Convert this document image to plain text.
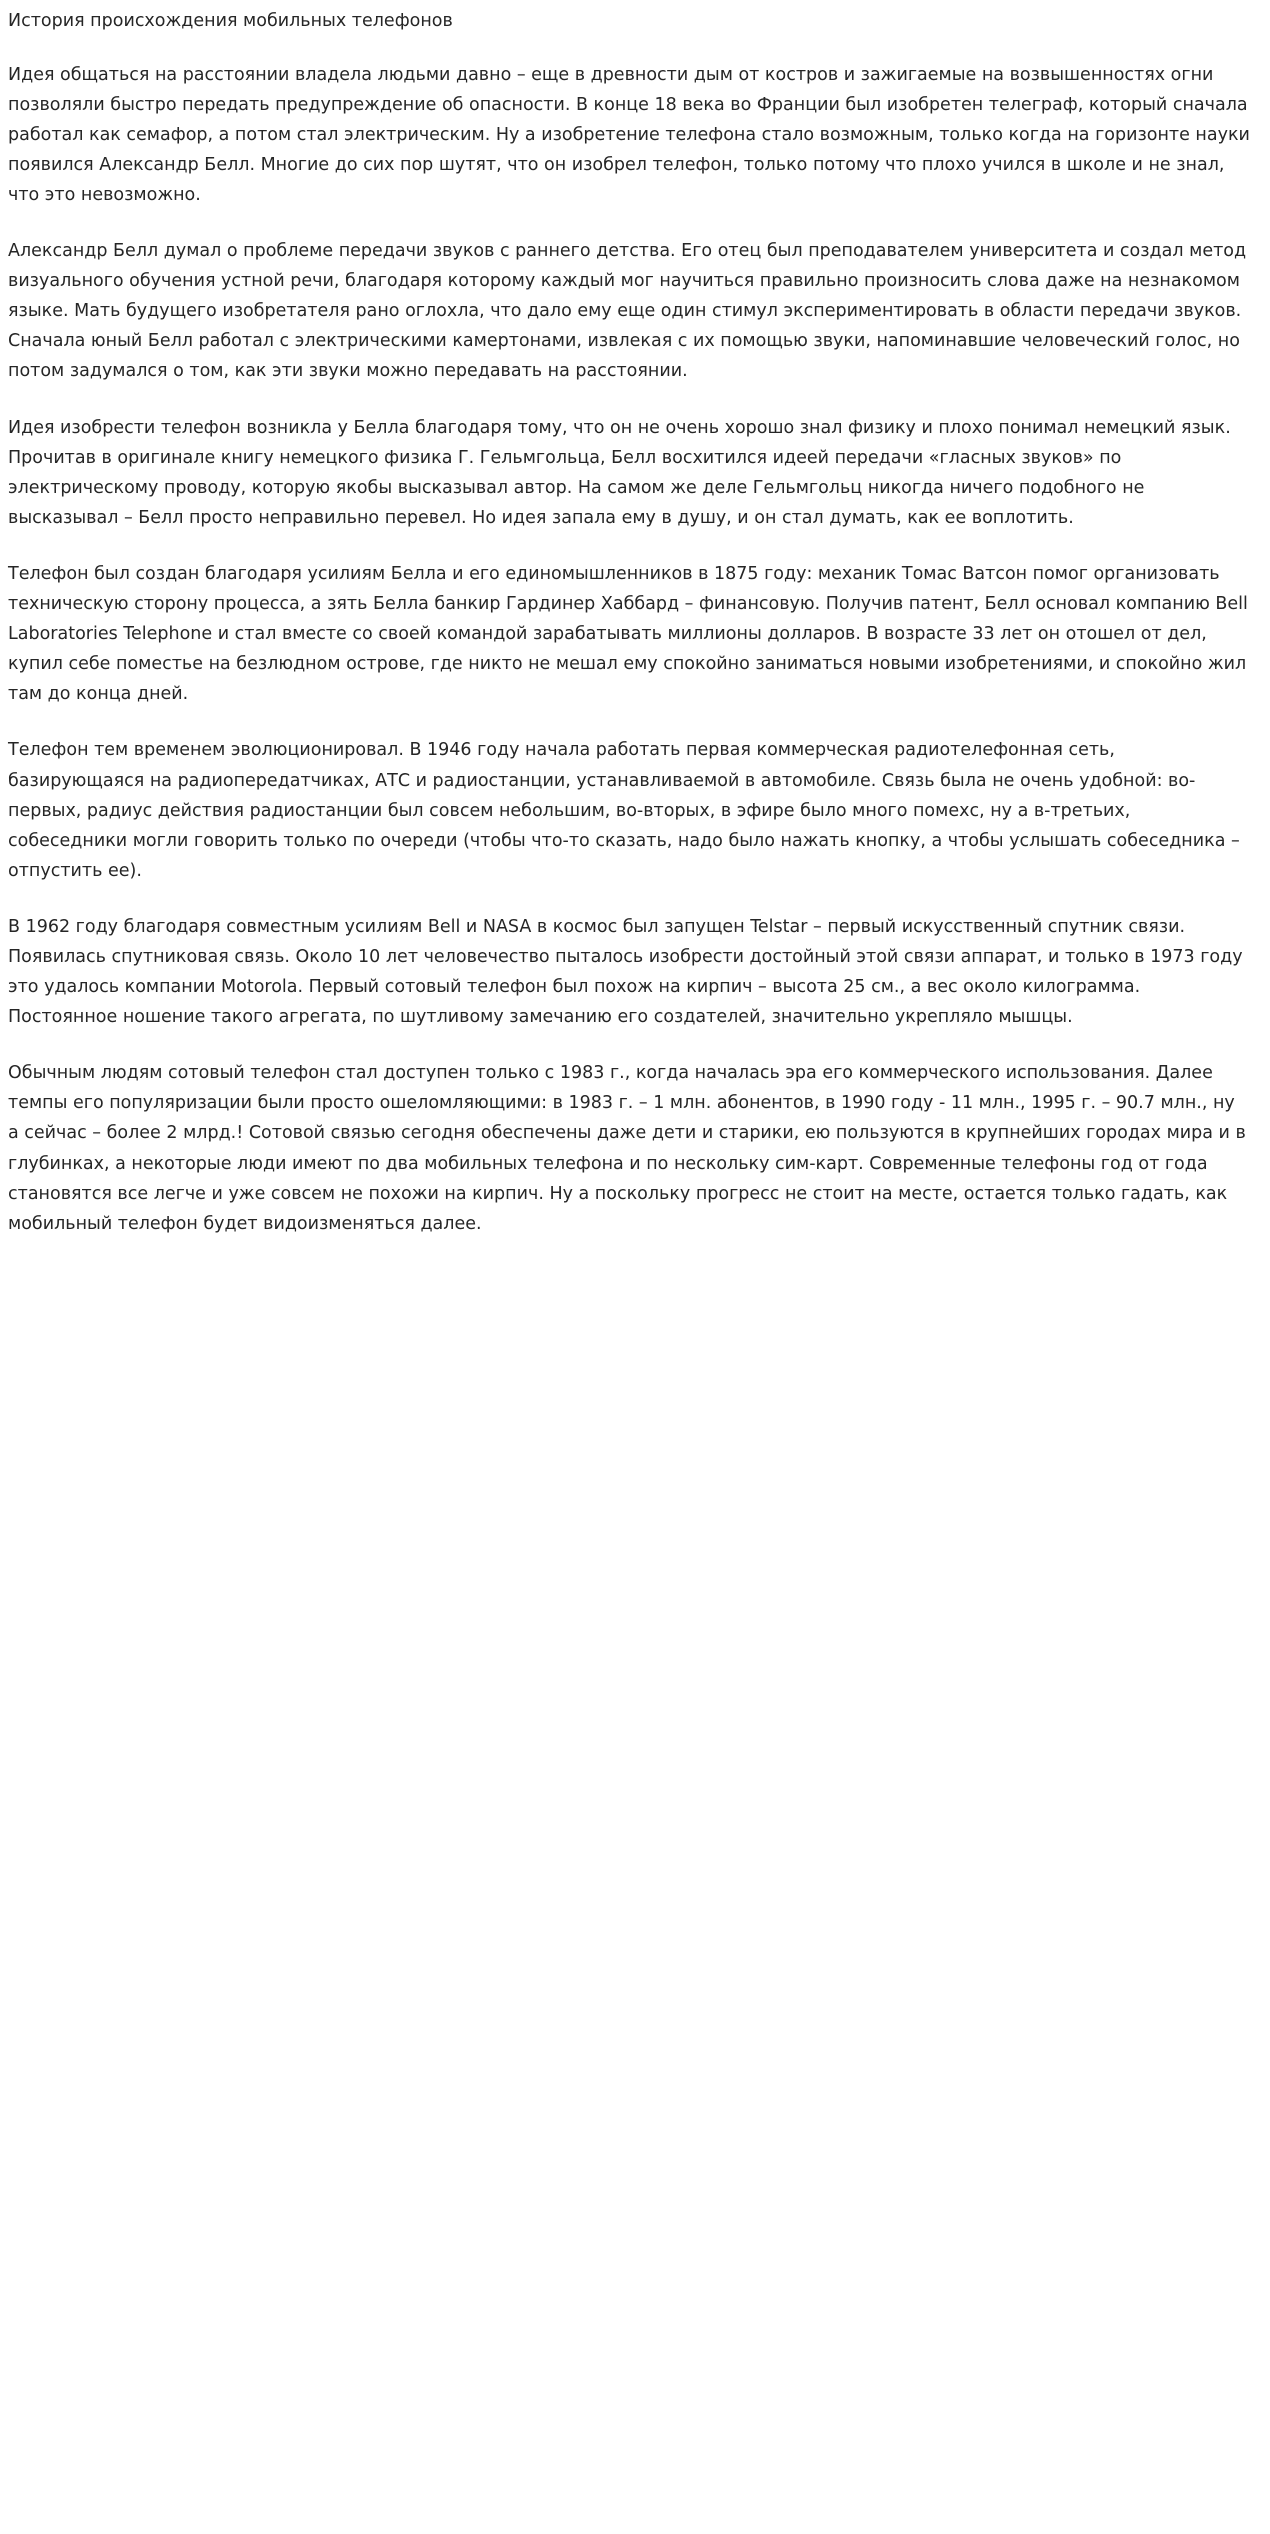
История происхождения мобильных телефонов

Идея общаться на расстоянии владела людьми давно – еще в древности дым от костров и зажигаемые на возвышенностях огни позволяли быстро передать предупреждение об опасности. В конце 18 века во Франции был изобретен телеграф, который сначала работал как семафор, а потом стал электрическим. Ну а изобретение телефона стало возможным, только когда на горизонте науки появился Александр Белл. Многие до сих пор шутят, что он изобрел телефон, только потому что плохо учился в школе и не знал, что это невозможно.

Александр Белл думал о проблеме передачи звуков с раннего детства. Его отец был преподавателем университета и создал метод визуального обучения устной речи, благодаря которому каждый мог научиться правильно произносить слова даже на незнакомом языке. Мать будущего изобретателя рано оглохла, что дало ему еще один стимул экспериментировать в области передачи звуков. Сначала юный Белл работал с электрическими камертонами, извлекая с их помощью звуки, напоминавшие человеческий голос, но потом задумался о том, как эти звуки можно передавать на расстоянии.

Идея изобрести телефон возникла у Белла благодаря тому, что он не очень хорошо знал физику и плохо понимал немецкий язык. Прочитав в оригинале книгу немецкого физика Г. Гельмгольца, Белл восхитился идеей передачи «гласных звуков» по электрическому проводу, которую якобы высказывал автор. На самом же деле Гельмгольц никогда ничего подобного не высказывал – Белл просто неправильно перевел. Но идея запала ему в душу, и он стал думать, как ее воплотить.

Телефон был создан благодаря усилиям Белла и его единомышленников в 1875 году: механик Томас Ватсон помог организовать техническую сторону процесса, а зять Белла банкир Гардинер Хаббард – финансовую. Получив патент, Белл основал компанию Bell Laboratories Telephone и стал вместе со своей командой зарабатывать миллионы долларов. В возрасте 33 лет он отошел от дел, купил себе поместье на безлюдном острове, где никто не мешал ему спокойно заниматься новыми изобретениями, и спокойно жил там до конца дней.

Телефон тем временем эволюционировал. В 1946 году начала работать первая коммерческая радиотелефонная сеть, базирующаяся на радиопередатчиках, АТС и радиостанции, устанавливаемой в автомобиле. Связь была не очень удобной: во-первых, радиус действия радиостанции был совсем небольшим, во-вторых, в эфире было много помехс, ну а в-третьих, собеседники могли говорить только по очереди (чтобы что-то сказать, надо было нажать кнопку, а чтобы услышать собеседника – отпустить ее).

В 1962 году благодаря совместным усилиям Bell и NASA в космос был запущен Telstar – первый искусственный спутник связи. Появилась спутниковая связь. Около 10 лет человечество пыталось изобрести достойный этой связи аппарат, и только в 1973 году это удалось компании Motorola. Первый сотовый телефон был похож на кирпич – высота 25 см., а вес около килограмма. Постоянное ношение такого агрегата, по шутливому замечанию его создателей, значительно укрепляло мышцы.

Обычным людям сотовый телефон стал доступен только с 1983 г., когда началась эра его коммерческого использования. Далее темпы его популяризации были просто ошеломляющими: в 1983 г. – 1 млн. абонентов, в 1990 году - 11 млн., 1995 г. – 90.7 млн., ну а сейчас – более 2 млрд.! Сотовой связью сегодня обеспечены даже дети и старики, ею пользуются в крупнейших городах мира и в глубинках, а некоторые люди имеют по два мобильных телефона и по нескольку сим-карт. Современные телефоны год от года становятся все легче и уже совсем не похожи на кирпич. Ну а поскольку прогресс не стоит на месте, остается только гадать, как мобильный телефон будет видоизменяться далее.
